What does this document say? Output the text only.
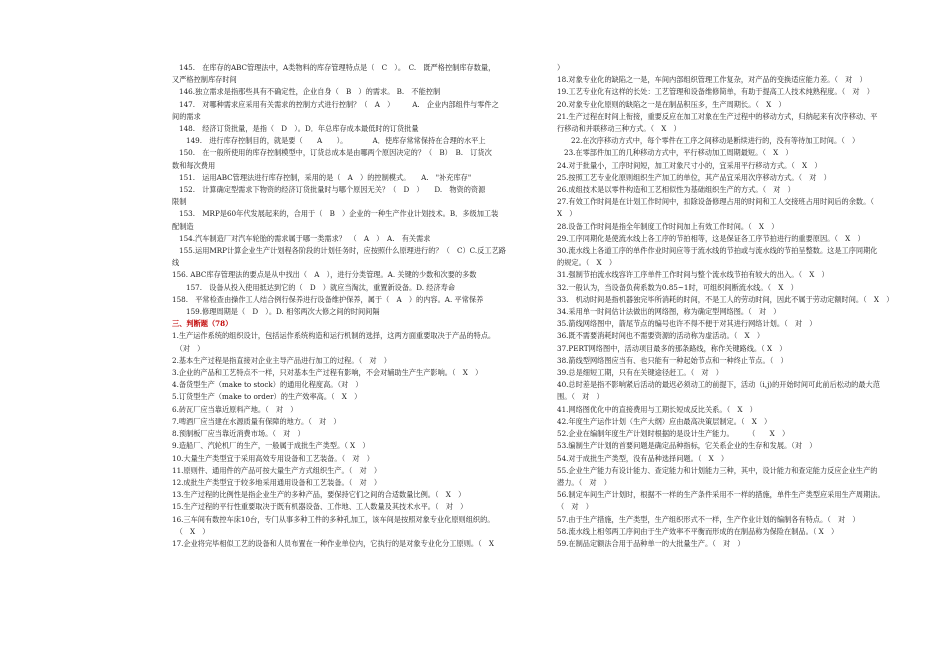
145.　在库存的ABC管理法中，A类物料的库存管理特点是（　C　）。　C.　既严格控制库存数量，
又严格控制库存时间
146.独立需求是指那些具有不确定性，企业自身（　B　）的需求。 B.　不能控制
147.　对哪种需求应采用有关需求的控制方式进行控制？（　A　）　　　A.　企业内部组件与零件之
间的需求
148.　经济订货批量，是指（　D　）。D．年总库存成本最低时的订货批量
149.　进行库存控制目的，就是要（　　A　　）。　　　　A．使库存常常保持在合理的水平上
150.　在一般所使用的库存控制模型中，订货总成本是由哪两个原因决定的？（　B）　B.　订货次
数和每次费用
151.　运用ABC管理法进行库存控制，采用的是（　A　）的控制模式。　　A.　"补充库存"
152.　计算确定型需求下物资的经济订货批量时与哪个原因无关？（　D　）　　D.　物资的资源
限制
153.　MRP是60年代发展起来的，合用于（　B　）企业的一种生产作业计划技术。B．多级加工装
配制造
154.汽车制造厂对汽车轮胎的需求属于哪一类需求？　（　A　）　A.　有关需求
155.运用MRP计算企业生产计划程各阶段的计划任务时，应按照什么原理进行的？（　C）C.反工艺路
线
156. ABC库存管理法的要点是从中找出（　A　），进行分类管理。A. 关键的少数和次要的多数
157.　设备从投入使用抵达到它的（　D　）就应当淘汰，重置新设备。D. 经济寿命
158.　平常检查由操作工人结合例行保养进行设备维护保养，属于（　A　）的内容。A. 平常保养
159.修理周期是（　D　）。D. 相邻两次大修之间的时间间隔
三、判断题（78）
1.生产运作系统的组织设计，包括运作系统构造和运行机制的选择，这两方面重要取决于产品的特点。
　（对　）
2.基本生产过程是指直接对企业主导产品进行加工的过程。（　对　）
3.企业的产品和工艺特点不一样，只对基本生产过程有影响，不会对辅助生产生产影响。（　X　）
4.备货型生产（make to stock）的通用化程度高。（对　）
5.订货型生产（make to order）的生产效率高。（　X　）
6.砖瓦厂应当靠近原料产地。（　对　）
7.啤酒厂应当建在水源质量有保障的地方。（　对　）
8.预制板厂应当靠近消费市场。（　对　）
9.造船厂、汽轮机厂的生产，一般属于成批生产类型。（ X　）
10.大量生产类型宜于采用高效专用设备和工艺装备。（　对　）
11.原则件、通用件的产品可按大量生产方式组织生产。（　对　）
12.成批生产类型宜于较多地采用通用设备和工艺装备。（　对　）
13.生产过程的比例性是指企业生产的多种产品，要保持它们之间的合适数量比例。（　X　）
15.生产过程的平行性重要取决于既有机器设备、工作地、工人数量及其技术水平。（　对　）
16.三车间有数控车床10台，专门从事多种工件的多种孔加工，该车间是按照对象专业化原则组织的。
　（　X　）
17.企业将完毕相似工艺的设备和人员布置在一种作业单位内，它执行的是对象专业化分工原则。（　X
）
18.对象专业化的缺陷之一是，车间内部组织管理工作复杂，对产品的变换适应能力差。（　对　）
19.工艺专业化有这样的长处：工艺管理和设备维修简单，有助于提高工人技术纯熟程度。（　对　）
20.对象专业化原则的缺陷之一是在制品积压多，生产周期长。（　X　）
21.生产过程在时间上衔接，重要反应在加工对象在生产过程中的移动方式，归纳起来有次序移动、平
行移动和并联移动三种方式。（　X　）
22.在次序移动方式中，每个零件在工序之间移动是断续进行的，没有等待加工时间。（　）
23.在零部件加工的几种移动方式中，平行移动加工周期最短。（　X　）
24.对于批量小，工序时间短，加工对象尺寸小的，宜采用平行移动方式。（　X　）
25.按照工艺专业化原则组织生产加工的单位，其产品宜采用次序移动方式。（　对　）
26.成组技术是以零件构造和工艺相似性为基础组织生产的方式。（　对　）
27.有效工作时间是在计划工作时间中，扣除设备修理占用的时间和工人交接班占用时间后的余数。（
X　）
28.设备工作时间是指全年制度工作时间加上有效工作时间。（　X　）
29.工序同期化是使流水线上各工序的节拍相等，这是保证各工序节拍进行的重要原因。（　X　）
30.流水线上各道工序的单件作业时间应等于流水线的节拍或与流水线的节拍呈整数。这是工序同期化
的规定。（　X　）
31.强制节拍流水线容许工序单件工作时间与整个流水线节拍有较大的出入。（　X　）
32.一般认为，当设备负荷系数为0.85~1时，可组织间断流水线。（　X　）
33.　机动时间是指机器独完毕所消耗的时间，不是工人的劳动时间，因此不属于劳动定额时间。（　X　）
34.采用单一时间估计法做出的网络图，称为确定型网络图。（　对　）
35.箭线网络图中，箭尾节点的编号也许不得不便于对其进行网络计划。（　对　）
36.既不需要消耗时间也不需要资源的活动称为虚活动。（　X　）
37.PERT网络图中，活动项目最多的那条路线，称作关键路线。（ X　）
38.箭线型网络图应当有、也只能有一种起始节点和一种终止节点。（　）
39.总是细短工期，只有在关键途径赶工。（　对　）
40.总时差是指不影响紧后活动的最迟必须动工的前提下，活动（i,j)的开始时间可此前后松动的最大范
围。（　对　）
41.网络图优化中的直接费用与工期长短成反比关系。（　X　）
42.年度生产运作计划（生产大纲）应由最高决策层制定。（　X　）
52.企业在编制年度生产计划时根据的是设计生产能力。　　　（　　X　）
53.编制生产计划的首要问题是确定品种指标，它关系企业的生存和发展。（对　）
54.对于成批生产类型，没有品种选择问题。（　X　）
55.企业生产能力有设计能力、查定能力和计划能力三种，其中，设计能力和查定能力反应企业生产的
潜力。（　对　）
56.制定车间生产计划时，根据不一样的生产条件采用不一样的措施，单件生产类型应采用生产周期法。
（　对　）
57.由于生产措施，生产类型，生产组织形式不一样，生产作业计划的编制各有特点。（　对　）
58.流水线上相邻两工序间由于生产效率不平衡而形成的在制品称为保险在制品。（ X　）
59.在制品定额法合用于品种单一的大批量生产。（　对　）
